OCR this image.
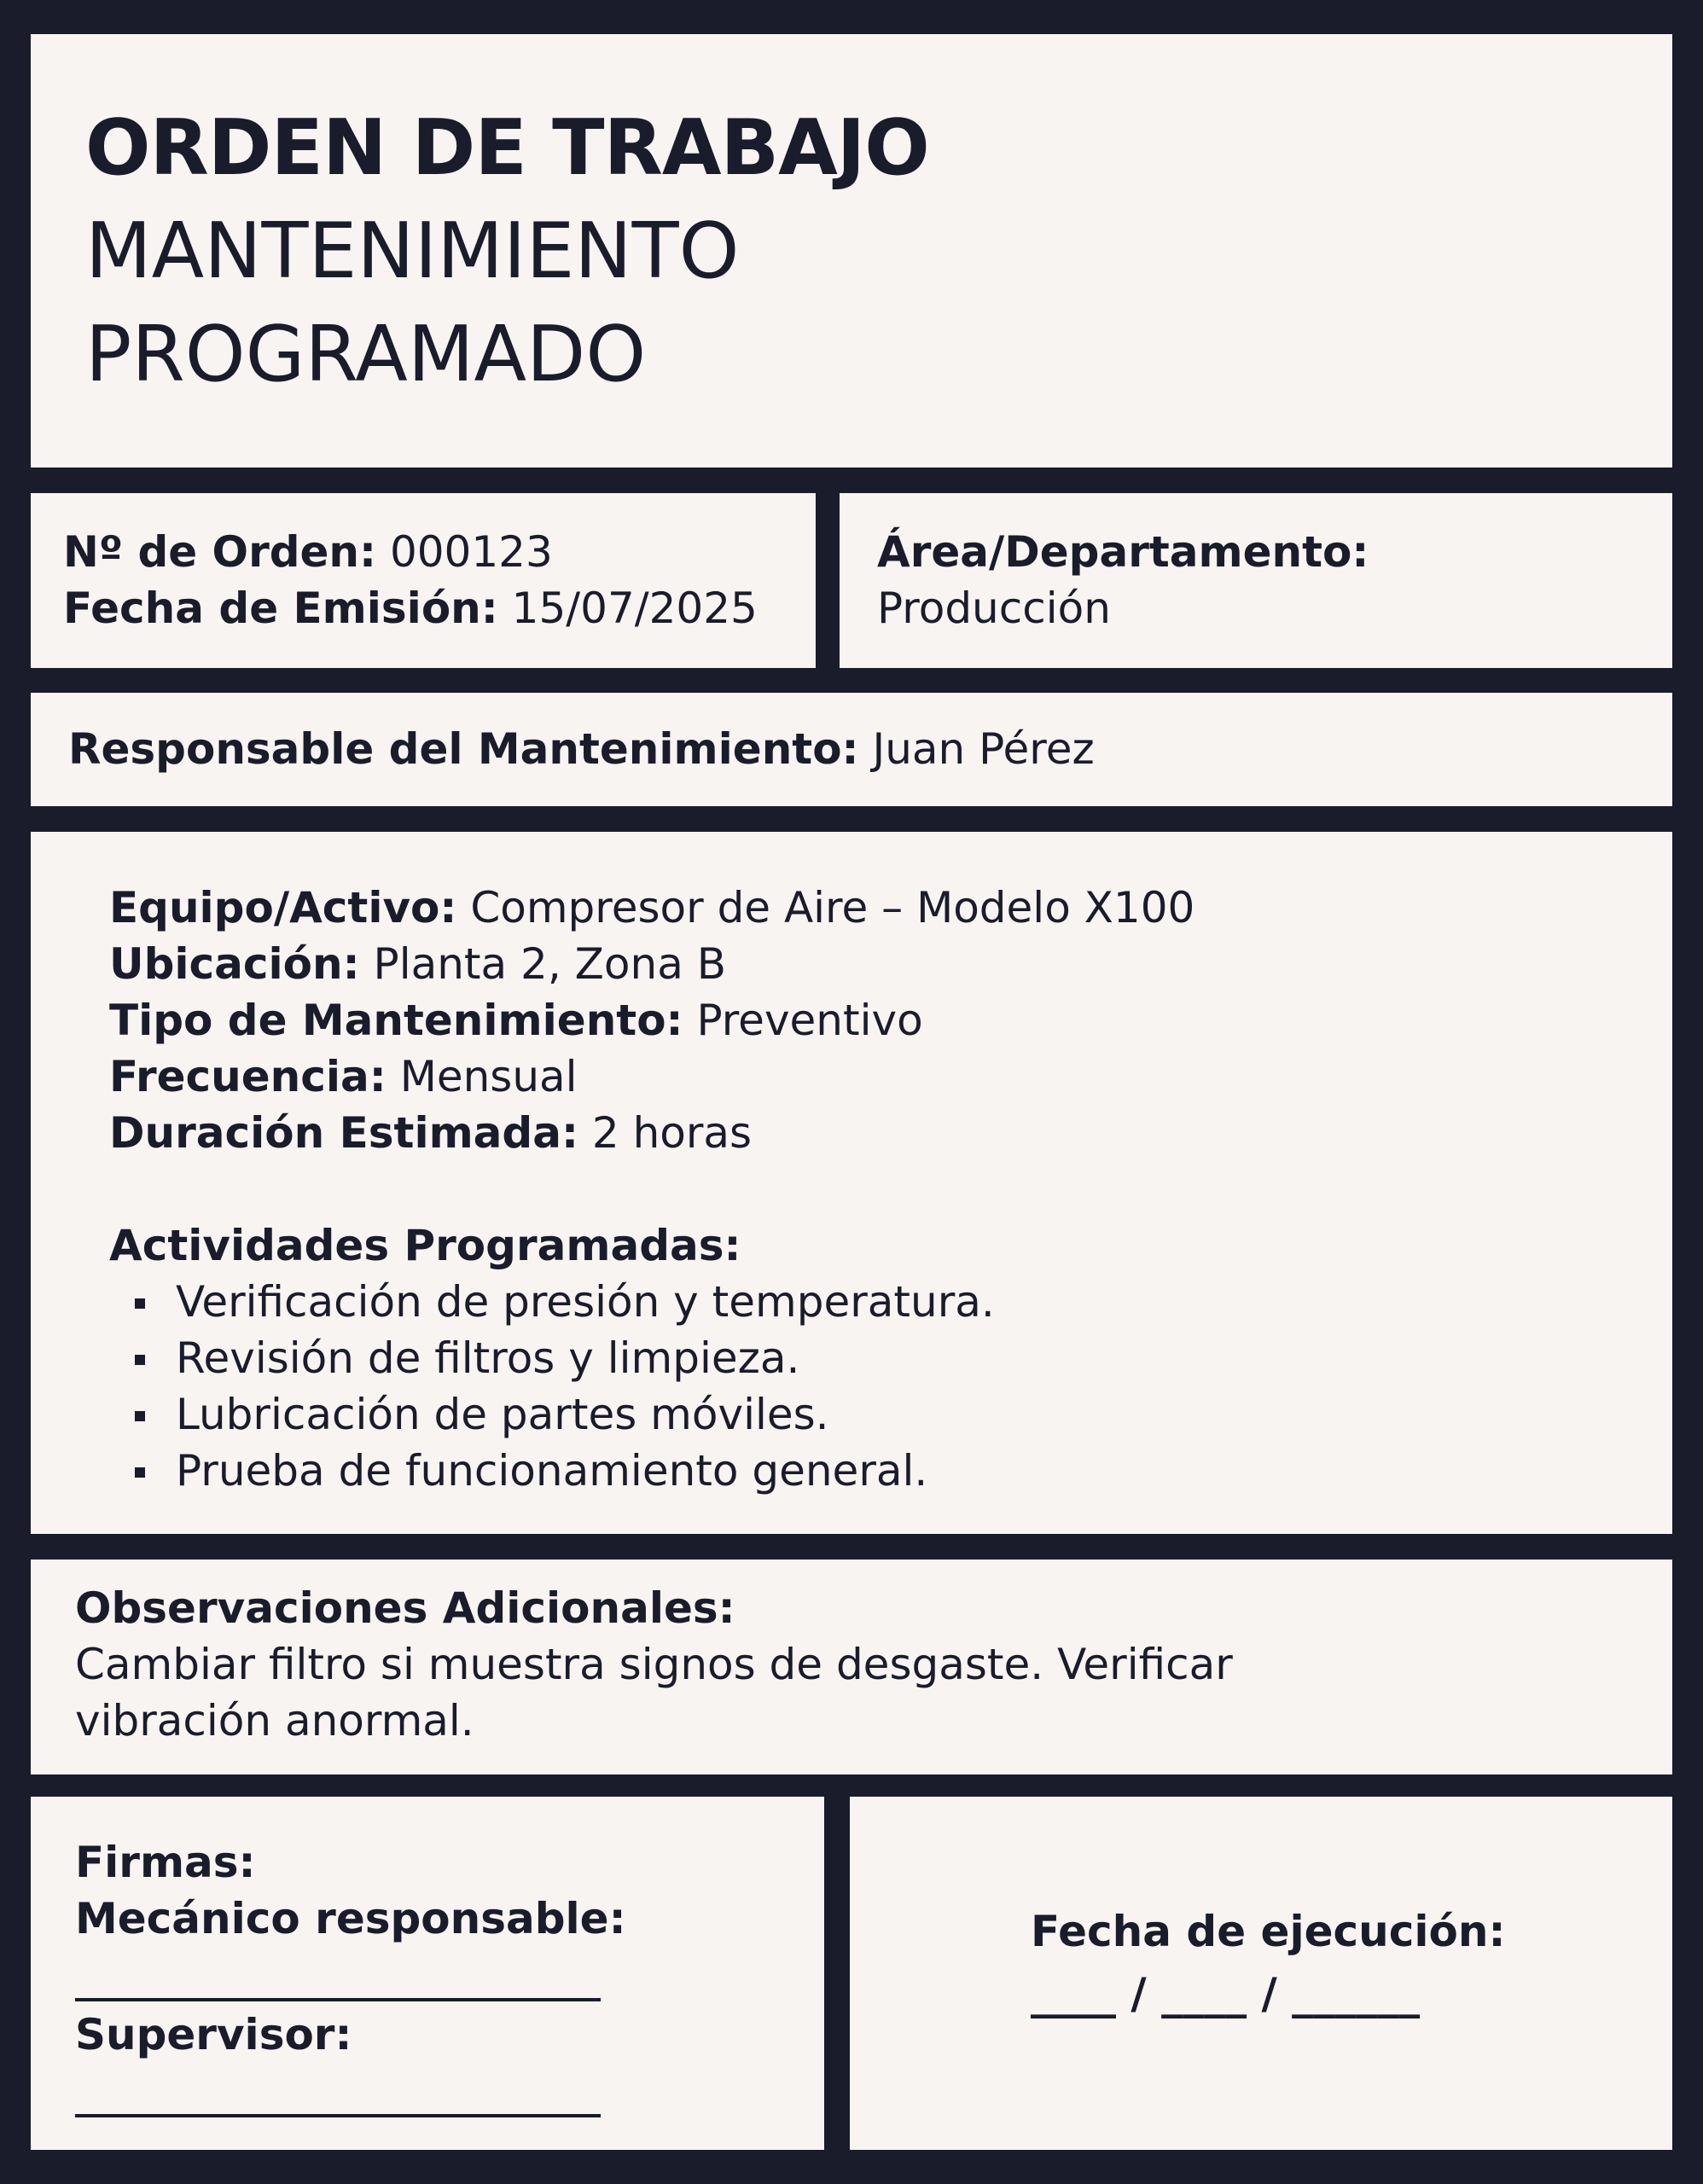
ORDEN DE TRABAJO
MANTENIMIENTO
PROGRAMADO
Nº de Orden: 000123
Fecha de Emisión: 15/07/2025
Área/Departamento:
Producción
Responsable del Mantenimiento: Juan Pérez
Equipo/Activo: Compresor de Aire – Modelo X100
Ubicación: Planta 2, Zona B
Tipo de Mantenimiento: Preventivo
Frecuencia: Mensual
Duración Estimada: 2 horas
Actividades Programadas:
Verificación de presión y temperatura.
Revisión de filtros y limpieza.
Lubricación de partes móviles.
Prueba de funcionamiento general.
Observaciones Adicionales:
Cambiar filtro si muestra signos de desgaste. Verificar
vibración anormal.
Firmas:
Mecánico responsable:
Supervisor:
Fecha de ejecución:
____ / ____ / ______
